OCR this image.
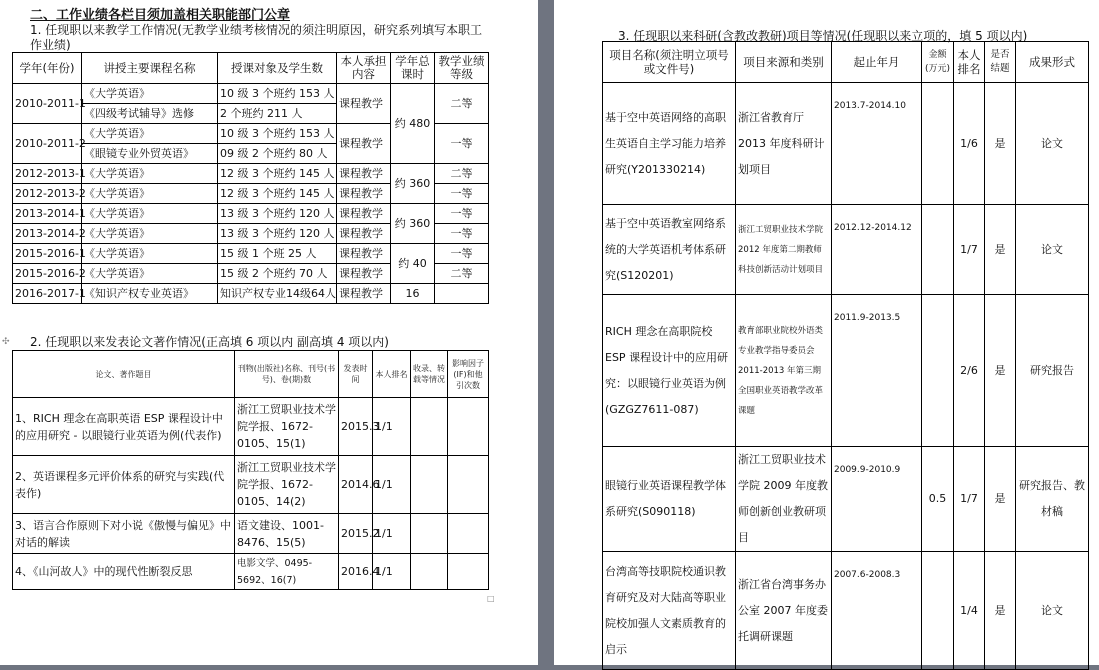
二、工作业绩各栏目须加盖相关职能部门公章
1. 任现职以来教学工作情况(无教学业绩考核情况的须注明原因，研究系列填写本职工
作业绩)
学年(年份)	讲授主要课程名称	授课对象及学生数	本人承担内容	学年总课时	教学业绩等级
2010-2011-1	《大学英语》	10 级 3 个班约 153 人	课程教学	约 480	二等
	《四级考试辅导》选修	2 个班约 211 人			
2010-2011-2	《大学英语》	10 级 3 个班约 153 人	课程教学		一等
	《眼镜专业外贸英语》	09 级 2 个班约 80 人			
2012-2013-1	《大学英语》	12 级 3 个班约 145 人	课程教学	约 360	二等
2012-2013-2	《大学英语》	12 级 3 个班约 145 人	课程教学		一等
2013-2014-1	《大学英语》	13 级 3 个班约 120 人	课程教学	约 360	一等
2013-2014-2	《大学英语》	13 级 3 个班约 120 人	课程教学		一等
2015-2016-1	《大学英语》	15 级 1 个班 25 人	课程教学	约 40	一等
2015-2016-2	《大学英语》	15 级 2 个班约 70 人	课程教学		二等
2016-2017-1	《知识产权专业英语》	知识产权专业14级64人	课程教学	16	
2. 任现职以来发表论文著作情况(正高填 6 项以内 副高填 4 项以内)
✣
论文、著作题目	刊物(出版社)名称、刊号(书号)、卷(期)数	发表时间	本人排名	收录、转载等情况	影响因子(IF)和他引次数
1、RICH 理念在高职英语 ESP 课程设计中的应用研究 - 以眼镜行业英语为例(代表作)	浙江工贸职业技术学院学报、1672-0105、15(1)	2015.3	1/1		
2、英语课程多元评价体系的研究与实践(代表作)	浙江工贸职业技术学院学报、1672-0105、14(2)	2014.6	1/1		
3、语言合作原则下对小说《傲慢与偏见》中对话的解读	语文建设、1001-8476、15(5)	2015.2	1/1		
4、《山河故人》中的现代性断裂反思	电影文学、0495-5692、16(7)	2016.4	1/1		
□
3. 任现职以来科研(含教改教研)项目等情况(任现职以来立项的，填 5 项以内)
项目名称(须注明立项号或文件号)	项目来源和类别	起止年月	金额(万元)	本人排名	是否结题	成果形式
基于空中英语网络的高职生英语自主学习能力培养研究(Y201330214)	浙江省教育厅 2013 年度科研计划项目	2013.7-2014.10		1/6	是	论文
基于空中英语教室网络系统的大学英语机考体系研究(S120201)	浙江工贸职业技术学院 2012 年度第二期教师科技创新活动计划项目	2012.12-2014.12		1/7	是	论文
RICH 理念在高职院校 ESP 课程设计中的应用研究：以眼镜行业英语为例(GZGZ7611-087)	教育部职业院校外语类专业教学指导委员会 2011-2013 年第三期全国职业英语教学改革课题	2011.9-2013.5		2/6	是	研究报告
眼镜行业英语课程教学体系研究(S090118)	浙江工贸职业技术学院 2009 年度教师创新创业教研项目	2009.9-2010.9	0.5	1/7	是	研究报告、教材稿
台湾高等技职院校通识教育研究及对大陆高等职业院校加强人文素质教育的启示	浙江省台湾事务办公室 2007 年度委托调研课题	2007.6-2008.3		1/4	是	论文
